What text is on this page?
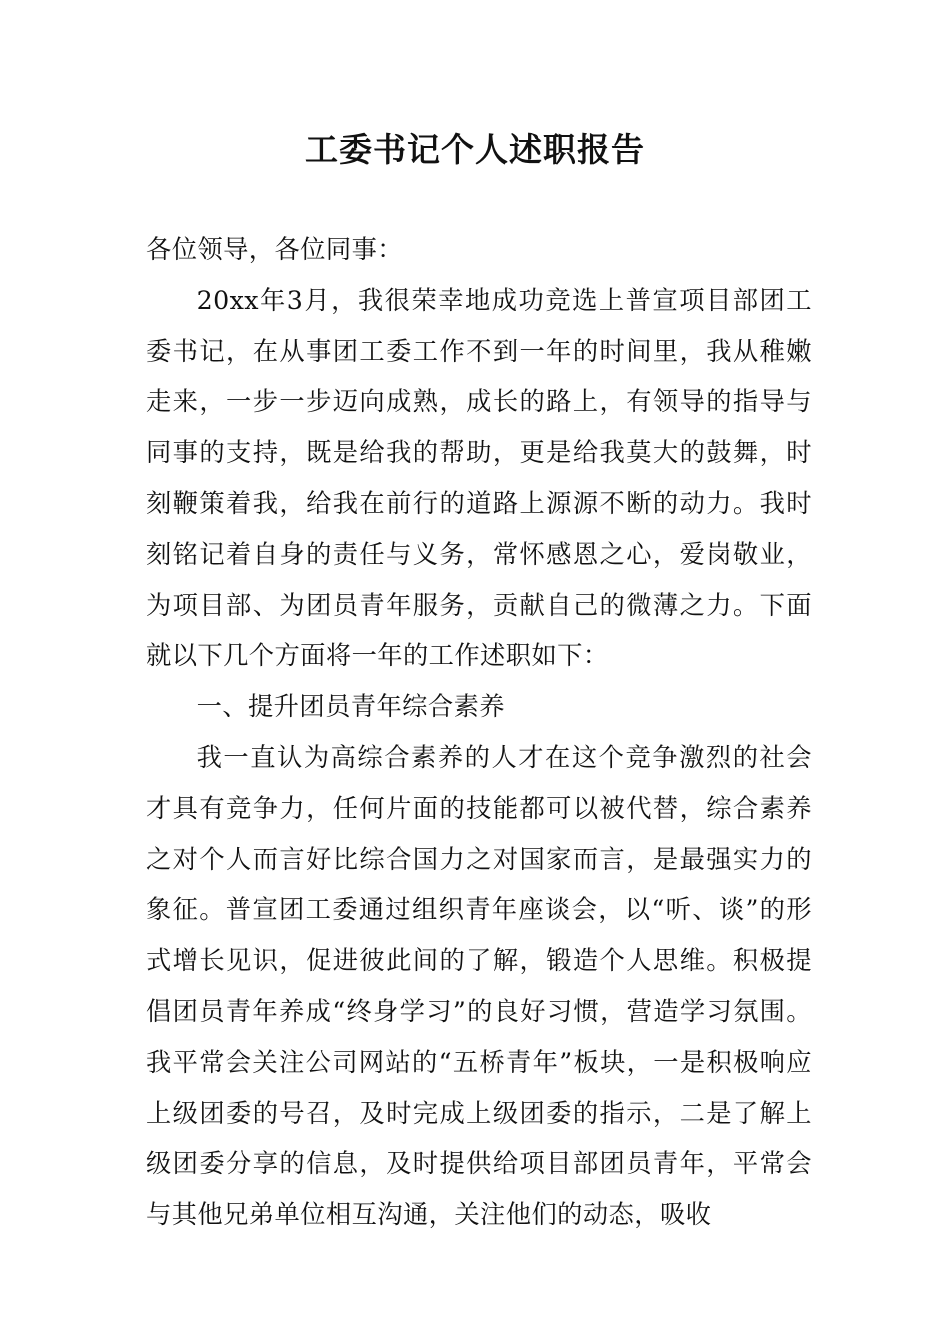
工委书记个人述职报告

各位领导，各位同事：

20xx年3月，我很荣幸地成功竞选上普宣项目部团工委书记，在从事团工委工作不到一年的时间里，我从稚嫩走来，一步一步迈向成熟，成长的路上，有领导的指导与同事的支持，既是给我的帮助，更是给我莫大的鼓舞，时刻鞭策着我，给我在前行的道路上源源不断的动力。我时刻铭记着自身的责任与义务，常怀感恩之心，爱岗敬业，为项目部、为团员青年服务，贡献自己的微薄之力。下面就以下几个方面将一年的工作述职如下：

一、提升团员青年综合素养

我一直认为高综合素养的人才在这个竞争激烈的社会才具有竞争力，任何片面的技能都可以被代替，综合素养之对个人而言好比综合国力之对国家而言，是最强实力的象征。普宣团工委通过组织青年座谈会，以“听、谈”的形式增长见识，促进彼此间的了解，锻造个人思维。积极提倡团员青年养成“终身学习”的良好习惯，营造学习氛围。我平常会关注公司网站的“五桥青年”板块，一是积极响应上级团委的号召，及时完成上级团委的指示，二是了解上级团委分享的信息，及时提供给项目部团员青年，平常会与其他兄弟单位相互沟通，关注他们的动态，吸收
